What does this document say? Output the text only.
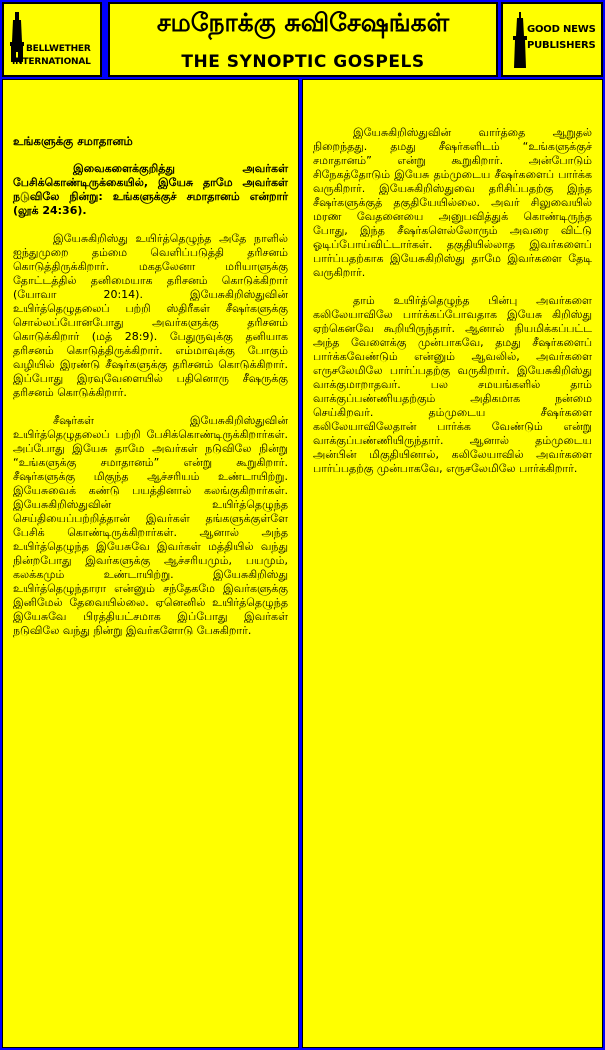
BELLWETHER
INTERNATIONAL
சமநோக்கு சுவிசேஷங்கள்
THE SYNOPTIC GOSPELS
GOOD NEWS
PUBLISHERS
உங்களுக்கு சமாதானம்
இவைகளைக்குறித்து அவர்கள் பேசிக்கொண்டிருக்கையில், இயேசு தாமே அவர்கள் நடுவிலே நின்று: உங்களுக்குச் சமாதானம் என்றார் (லூக் 24:36).

இயேசுகிறிஸ்து உயிர்த்தெழுந்த அதே நாளில் ஐந்துமுறை தம்மை வெளிப்படுத்தி தரிசனம் கொடுத்திருக்கிறார். மகதலேனா மரியாளுக்கு தோட்டத்தில் தனிமையாக தரிசனம் கொடுக்கிறார் (யோவா 20:14). இயேசுகிறிஸ்துவின் உயிர்த்தெழுதலைப் பற்றி ஸ்திரீகள் சீஷர்களுக்கு சொல்லப்போனபோது அவர்களுக்கு தரிசனம் கொடுக்கிறார் (மத் 28:9). பேதுருவுக்கு தனியாக தரிசனம் கொடுத்திருக்கிறார். எம்மாவுக்கு போகும் வழியில் இரண்டு சீஷர்களுக்கு தரிசனம் கொடுக்கிறார். இப்போது இரவுவேளையில் பதினொரு சீஷருக்கு தரிசனம் கொடுக்கிறார்.

சீஷர்கள் இயேசுகிறிஸ்துவின் உயிர்த்தெழுதலைப் பற்றி பேசிக்கொண்டிருக்கிறார்கள். அப்போது இயேசு தாமே அவர்கள் நடுவிலே நின்று “உங்களுக்கு சமாதானம்” என்று கூறுகிறார். சீஷர்களுக்கு மிகுந்த ஆச்சரியம் உண்டாயிற்று. இயேசுவைக் கண்டு பயத்தினால் கலங்குகிறார்கள். இயேசுகிறிஸ்துவின் உயிர்த்தெழுந்த செய்தியைப்பற்றித்தான் இவர்கள் தங்களுக்குள்ளே பேசிக் கொண்டிருக்கிறார்கள். ஆனால் அந்த உயிர்த்தெழுந்த இயேசுவே இவர்கள் மத்தியில் வந்து நின்றபோது இவர்களுக்கு ஆச்சரியமும், பயமும், கலக்கமும் உண்டாயிற்று. இயேசுகிறிஸ்து உயிர்த்தெழுந்தாரா என்னும் சந்தேகமே இவர்களுக்கு இனிமேல் தேவையில்லை. ஏனெனில் உயிர்த்தெழுந்த இயேசுவே பிரத்தியட்சமாக இப்போது இவர்கள் நடுவிலே வந்து நின்று இவர்களோடு பேசுகிறார்.

இயேசுகிறிஸ்துவின் வார்த்தை ஆறுதல் நிறைந்தது. தமது சீஷர்களிடம் “உங்களுக்குச் சமாதானம்” என்று கூறுகிறார். அன்போடும் சிநேகத்தோடும் இயேசு தம்முடைய சீஷர்களைப் பார்க்க வருகிறார். இயேசுகிறிஸ்துவை தரிசிப்பதற்கு இந்த சீஷர்களுக்குத் தகுதியேயில்லை. அவர் சிலுவையில் மரண வேதனையை அனுபவித்துக் கொண்டிருந்த போது, இந்த சீஷர்களெல்லோரும் அவரை விட்டு ஓடிப்போய்விட்டார்கள். தகுதியில்லாத இவர்களைப் பார்ப்பதற்காக இயேசுகிறிஸ்து தாமே இவர்களை தேடி வருகிறார்.

தாம் உயிர்த்தெழுந்த பின்பு அவர்களை கலிலேயாவிலே பார்க்கப்போவதாக இயேசு கிறிஸ்து ஏற்கெனவே கூறியிருந்தார். ஆனால் நியமிக்கப்பட்ட அந்த வேளைக்கு முன்பாகவே, தமது சீஷர்களைப் பார்க்கவேண்டும் என்னும் ஆவலில், அவர்களை எருசலேமிலே பார்ப்பதற்கு வருகிறார். இயேசுகிறிஸ்து வாக்குமாறாதவர். பல சமயங்களில் தாம் வாக்குப்பண்ணியதற்கும் அதிகமாக நன்மை செய்கிறவர். தம்முடைய சீஷர்களை கலிலேயாவிலேதான் பார்க்க வேண்டும் என்று வாக்குப்பண்ணியிருந்தார். ஆனால் தம்முடைய அன்பின் மிகுதியினால், கலிலேயாவில் அவர்களை பார்ப்பதற்கு முன்பாகவே, எருசலேமிலே பார்க்கிறார்.
